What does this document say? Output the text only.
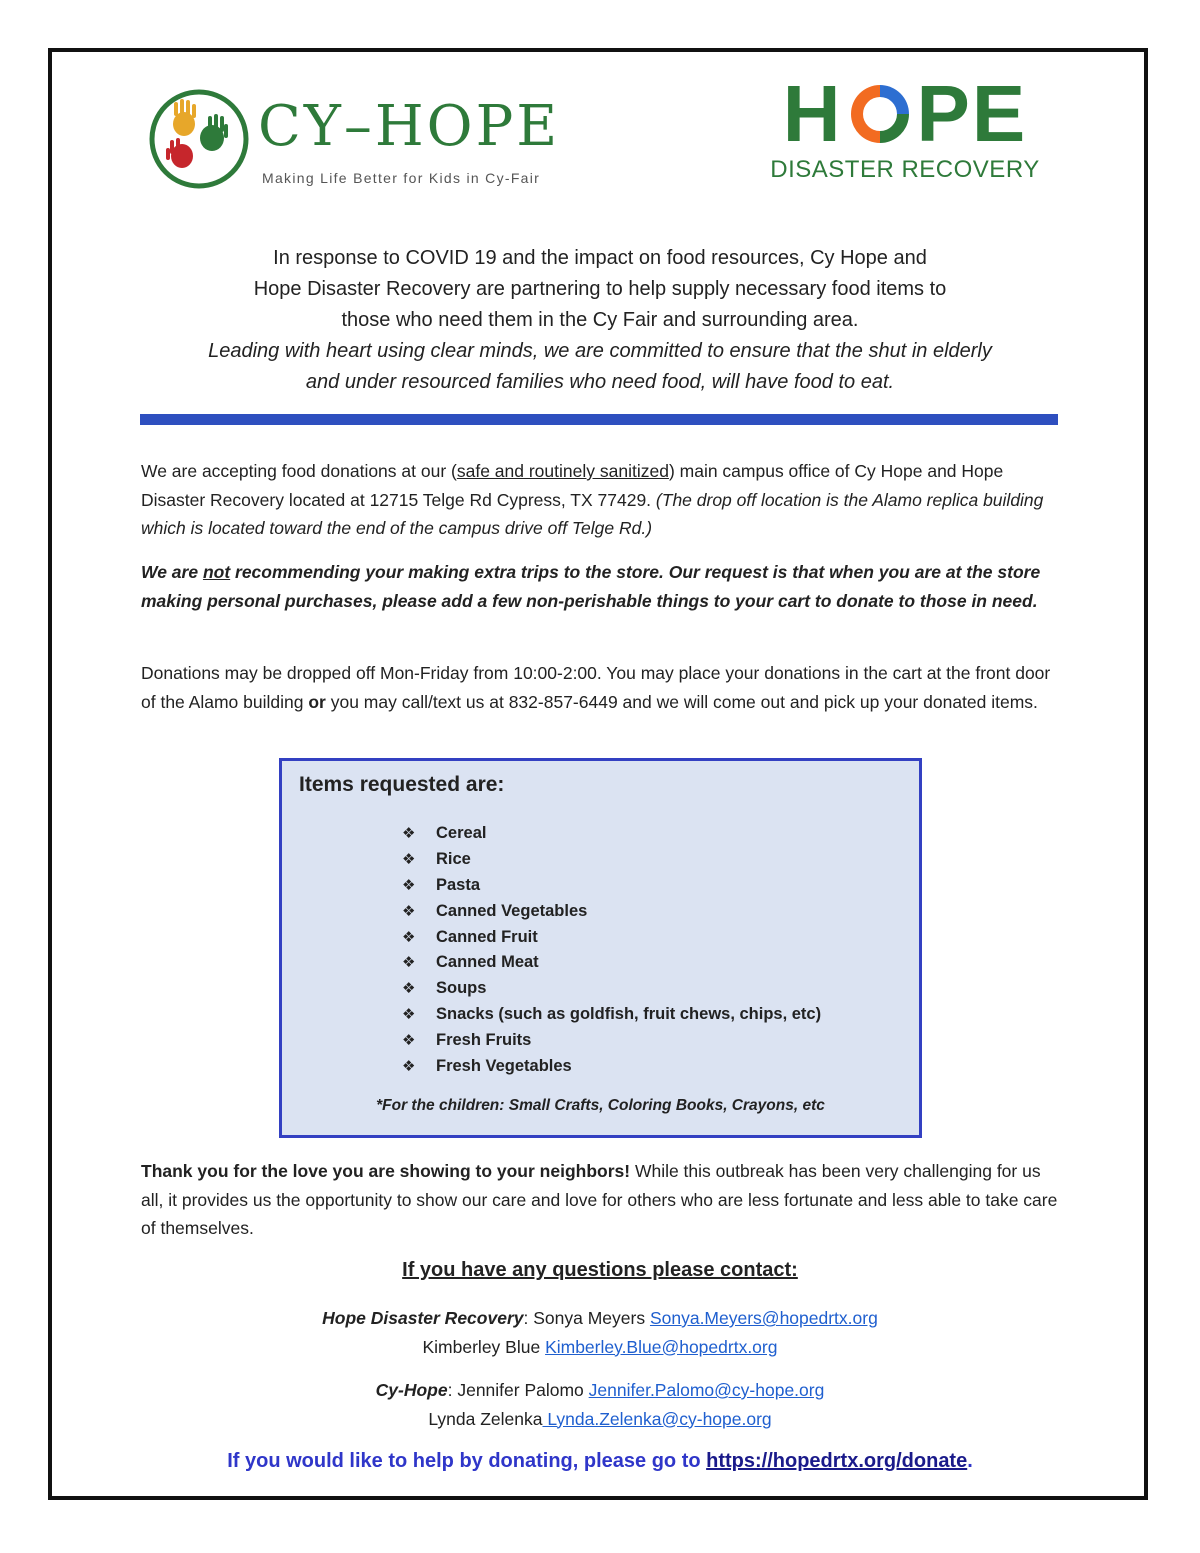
CY–HOPE
Making Life Better for Kids in Cy-Fair
H PE
DISASTER RECOVERY

In response to COVID 19 and the impact on food resources, Cy Hope and

Hope Disaster Recovery are partnering to help supply necessary food items to

those who need them in the Cy Fair and surrounding area.

Leading with heart using clear minds, we are committed to ensure that the shut in elderly

and under resourced families who need food, will have food to eat.

We are accepting food donations at our (safe and routinely sanitized) main campus office of Cy Hope and Hope Disaster Recovery located at 12715 Telge Rd Cypress, TX 77429. (The drop off location is the Alamo replica building which is located toward the end of the campus drive off Telge Rd.)

We are not recommending your making extra trips to the store. Our request is that when you are at the store making personal purchases, please add a few non-perishable things to your cart to donate to those in need.

Donations may be dropped off Mon-Friday from 10:00-2:00. You may place your donations in the cart at the front door of the Alamo building or you may call/text us at 832-857-6449 and we will come out and pick up your donated items.

Items requested are:

❖ Cereal
❖ Rice
❖ Pasta
❖ Canned Vegetables
❖ Canned Fruit
❖ Canned Meat
❖ Soups
❖ Snacks (such as goldfish, fruit chews, chips, etc)
❖ Fresh Fruits
❖ Fresh Vegetables

*For the children: Small Crafts, Coloring Books, Crayons, etc

Thank you for the love you are showing to your neighbors! While this outbreak has been very challenging for us all, it provides us the opportunity to show our care and love for others who are less fortunate and less able to take care of themselves.

If you have any questions please contact:

Hope Disaster Recovery: Sonya Meyers Sonya.Meyers@hopedrtx.org
Kimberley Blue Kimberley.Blue@hopedrtx.org

Cy-Hope: Jennifer Palomo Jennifer.Palomo@cy-hope.org
Lynda Zelenka Lynda.Zelenka@cy-hope.org

If you would like to help by donating, please go to https://hopedrtx.org/donate.
